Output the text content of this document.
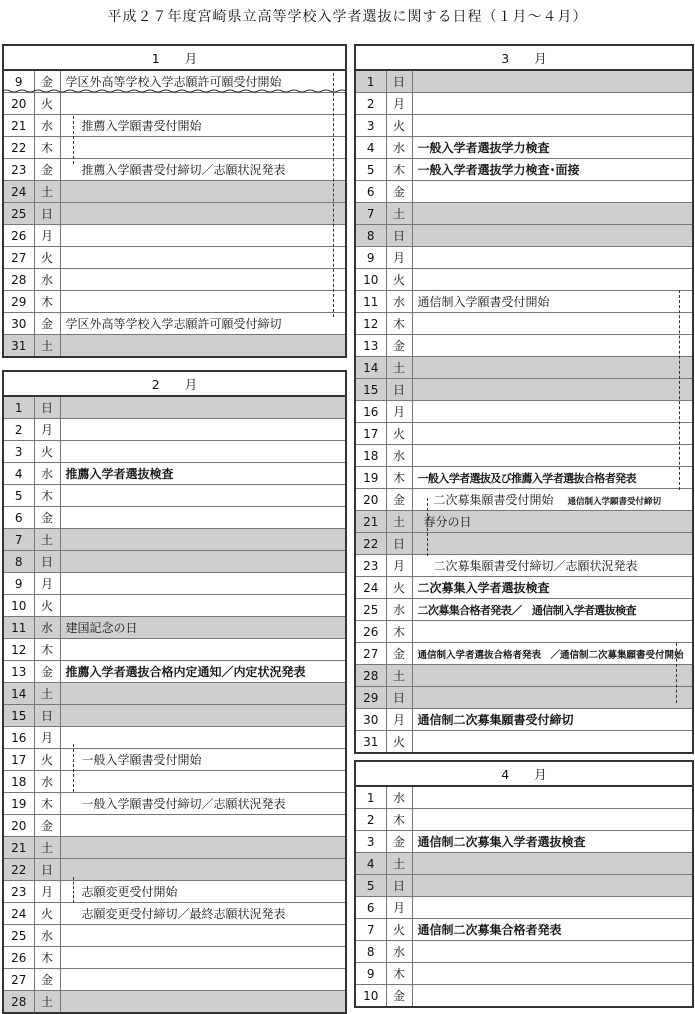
平成２７年度宮崎県立高等学校入学者選抜に関する日程（１月～４月）
1　　月		
9	金	学区外高等学校入学志願許可願受付開始
20	火	
21	水	推薦入学願書受付開始
22	木	
23	金	推薦入学願書受付締切／志願状況発表
24	土	
25	日	
26	月	
27	火	
28	水	
29	木	
30	金	学区外高等学校入学志願許可願受付締切
31	土	
2　　月		
1	日	
2	月	
3	火	
4	水	推薦入学者選抜検査
5	木	
6	金	
7	土	
8	日	
9	月	
10	火	
11	水	建国記念の日
12	木	
13	金	推薦入学者選抜合格内定通知／内定状況発表
14	土	
15	日	
16	月	
17	火	一般入学願書受付開始
18	水	
19	木	一般入学願書受付締切／志願状況発表
20	金	
21	土	
22	日	
23	月	志願変更受付開始
24	火	志願変更受付締切／最終志願状況発表
25	水	
26	木	
27	金	
28	土	
3　　月		
1	日	
2	月	
3	火	
4	水	一般入学者選抜学力検査
5	木	一般入学者選抜学力検査･面接
6	金	
7	土	
8	日	
9	月	
10	火	
11	水	通信制入学願書受付開始
12	木	
13	金	
14	土	
15	日	
16	月	
17	火	
18	水	
19	木	一般入学者選抜及び推薦入学者選抜合格者発表
20	金	二次募集願書受付開始 通信制入学願書受付締切
21	土	春分の日
22	日	
23	月	二次募集願書受付締切／志願状況発表
24	火	二次募集入学者選抜検査
25	水	二次募集合格者発表／　通信制入学者選抜検査
26	木	
27	金	通信制入学者選抜合格者発表　／通信制二次募集願書受付開始
28	土	
29	日	
30	月	通信制二次募集願書受付締切
31	火	
4　　月		
1	水	
2	木	
3	金	通信制二次募集入学者選抜検査
4	土	
5	日	
6	月	
7	火	通信制二次募集合格者発表
8	水	
9	木	
10	金	
